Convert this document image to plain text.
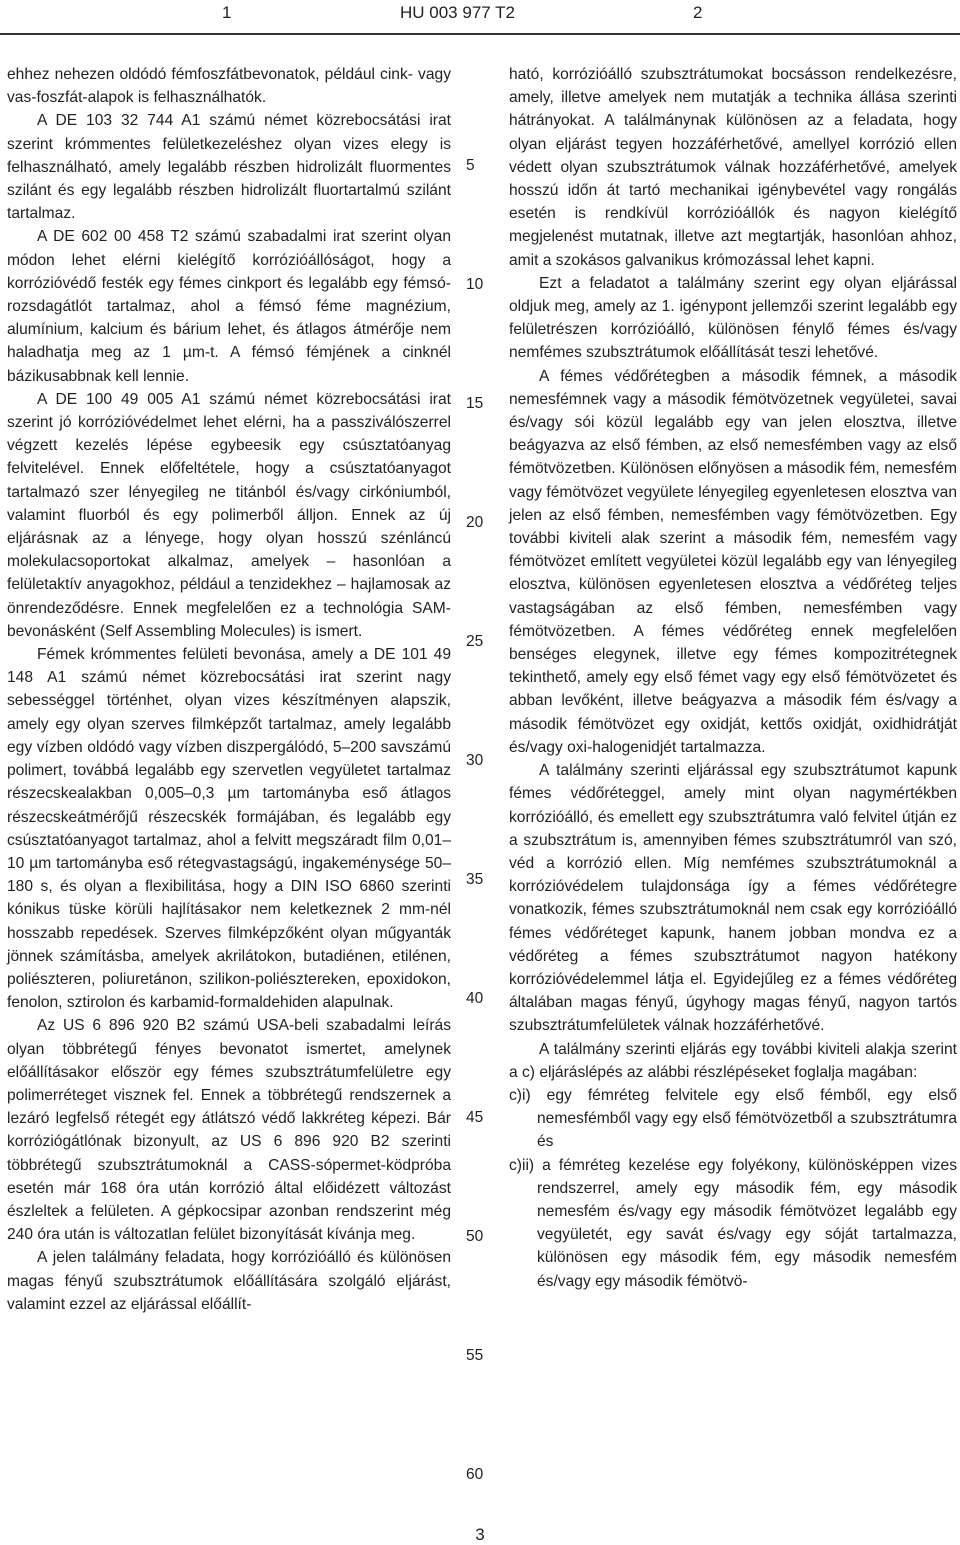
1	HU 003 977 T2	2

ehhez nehezen oldódó fémfoszfátbevonatok, például cink- vagy vas-foszfát-alapok is felhasználhatók.

A DE 103 32 744 A1 számú német közrebocsátási irat szerint krómmentes felületkezeléshez olyan vizes elegy is felhasználható, amely legalább részben hidrolizált fluormentes szilánt és egy legalább részben hidrolizált fluortartalmú szilánt tartalmaz.

A DE 602 00 458 T2 számú szabadalmi irat szerint olyan módon lehet elérni kielégítő korrózióállóságot, hogy a korrózióvédő festék egy fémes cinkport és legalább egy fémsó-rozsdagátlót tartalmaz, ahol a fémsó féme magnézium, alumínium, kalcium és bárium lehet, és átlagos átmérője nem haladhatja meg az 1 µm-t. A fémsó fémjének a cinknél bázikusabbnak kell lennie.

A DE 100 49 005 A1 számú német közrebocsátási irat szerint jó korrózióvédelmet lehet elérni, ha a passziválószerrel végzett kezelés lépése egybeesik egy csúsztatóanyag felvitelével. Ennek előfeltétele, hogy a csúsztatóanyagot tartalmazó szer lényegileg ne titánból és/vagy cirkóniumból, valamint fluorból és egy polimerből álljon. Ennek az új eljárásnak az a lényege, hogy olyan hosszú szénláncú molekulacsoportokat alkalmaz, amelyek – hasonlóan a felületaktív anyagokhoz, például a tenzidekhez – hajlamosak az önrendeződésre. Ennek megfelelően ez a technológia SAM-bevonásként (Self Assembling Molecules) is ismert.

Fémek krómmentes felületi bevonása, amely a DE 101 49 148 A1 számú német közrebocsátási irat szerint nagy sebességgel történhet, olyan vizes készítményen alapszik, amely egy olyan szerves filmképzőt tartalmaz, amely legalább egy vízben oldódó vagy vízben diszpergálódó, 5–200 savszámú polimert, továbbá legalább egy szervetlen vegyületet tartalmaz részecskealakban 0,005–0,3 µm tartományba eső átlagos részecskeátmérőjű részecskék formájában, és legalább egy csúsztatóanyagot tartalmaz, ahol a felvitt megszáradt film 0,01–10 µm tartományba eső rétegvastagságú, ingakeménysége 50–180 s, és olyan a flexibilitása, hogy a DIN ISO 6860 szerinti kónikus tüske körüli hajlításakor nem keletkeznek 2 mm-nél hosszabb repedések. Szerves filmképzőként olyan műgyanták jönnek számításba, amelyek akrilátokon, butadiénen, etilénen, poliészteren, poliuretánon, szilikon-poliésztereken, epoxidokon, fenolon, sztirolon és karbamid-formaldehiden alapulnak.

Az US 6 896 920 B2 számú USA-beli szabadalmi leírás olyan többrétegű fényes bevonatot ismertet, amelynek előállításakor először egy fémes szubsztrátumfelületre egy polimerréteget visznek fel. Ennek a többrétegű rendszernek a lezáró legfelső rétegét egy átlátszó védő lakkréteg képezi. Bár korróziógátlónak bizonyult, az US 6 896 920 B2 szerinti többrétegű szubsztrátumoknál a CASS-sópermet-ködpróba esetén már 168 óra után korrózió által előidézett változást észleltek a felületen. A gépkocsipar azonban rendszerint még 240 óra után is változatlan felület bizonyítását kívánja meg.

A jelen találmány feladata, hogy korrózióálló és különösen magas fényű szubsztrátumok előállítására szolgáló eljárást, valamint ezzel az eljárással előállít-

5
10
15
20
25
30
35
40
45
50
55
60

ható, korrózióálló szubsztrátumokat bocsásson rendelkezésre, amely, illetve amelyek nem mutatják a technika állása szerinti hátrányokat. A találmánynak különösen az a feladata, hogy olyan eljárást tegyen hozzáférhetővé, amellyel korrózió ellen védett olyan szubsztrátumok válnak hozzáférhetővé, amelyek hosszú időn át tartó mechanikai igénybevétel vagy rongálás esetén is rendkívül korrózióállók és nagyon kielégítő megjelenést mutatnak, illetve azt megtartják, hasonlóan ahhoz, amit a szokásos galvanikus krómozással lehet kapni.

Ezt a feladatot a találmány szerint egy olyan eljárással oldjuk meg, amely az 1. igénypont jellemzői szerint legalább egy felületrészen korrózióálló, különösen fénylő fémes és/vagy nemfémes szubsztrátumok előállítását teszi lehetővé.

A fémes védőrétegben a második fémnek, a második nemesfémnek vagy a második fémötvözetnek vegyületei, savai és/vagy sói közül legalább egy van jelen elosztva, illetve beágyazva az első fémben, az első nemesfémben vagy az első fémötvözetben. Különösen előnyösen a második fém, nemesfém vagy fémötvözet vegyülete lényegileg egyenletesen elosztva van jelen az első fémben, nemesfémben vagy fémötvözetben. Egy további kiviteli alak szerint a második fém, nemesfém vagy fémötvözet említett vegyületei közül legalább egy van lényegileg elosztva, különösen egyenletesen elosztva a védőréteg teljes vastagságában az első fémben, nemesfémben vagy fémötvözetben. A fémes védőréteg ennek megfelelően benséges elegynek, illetve egy fémes kompozitrétegnek tekinthető, amely egy első fémet vagy egy első fémötvözetet és abban levőként, illetve beágyazva a második fém és/vagy a második fémötvözet egy oxidját, kettős oxidját, oxidhidrátját és/vagy oxi-halogenidjét tartalmazza.

A találmány szerinti eljárással egy szubsztrátumot kapunk fémes védőréteggel, amely mint olyan nagymértékben korrózióálló, és emellett egy szubsztrátumra való felvitel útján ez a szubsztrátum is, amennyiben fémes szubsztrátumról van szó, véd a korrózió ellen. Míg nemfémes szubsztrátumoknál a korrózióvédelem tulajdonsága így a fémes védőrétegre vonatkozik, fémes szubsztrátumoknál nem csak egy korrózióálló fémes védőréteget kapunk, hanem jobban mondva ez a védőréteg a fémes szubsztrátumot nagyon hatékony korrózióvédelemmel látja el. Egyidejűleg ez a fémes védőréteg általában magas fényű, úgyhogy magas fényű, nagyon tartós szubsztrátumfelületek válnak hozzáférhetővé.

A találmány szerinti eljárás egy további kiviteli alakja szerint a c) eljáráslépés az alábbi részlépéseket foglalja magában:

c)i) egy fémréteg felvitele egy első fémből, egy első nemesfémből vagy egy első fémötvözetből a szubsztrátumra és

c)ii) a fémréteg kezelése egy folyékony, különösképpen vizes rendszerrel, amely egy második fém, egy második nemesfém és/vagy egy második fémötvözet legalább egy vegyületét, egy savát és/vagy egy sóját tartalmazza, különösen egy második fém, egy második nemesfém és/vagy egy második fémötvö-

3
